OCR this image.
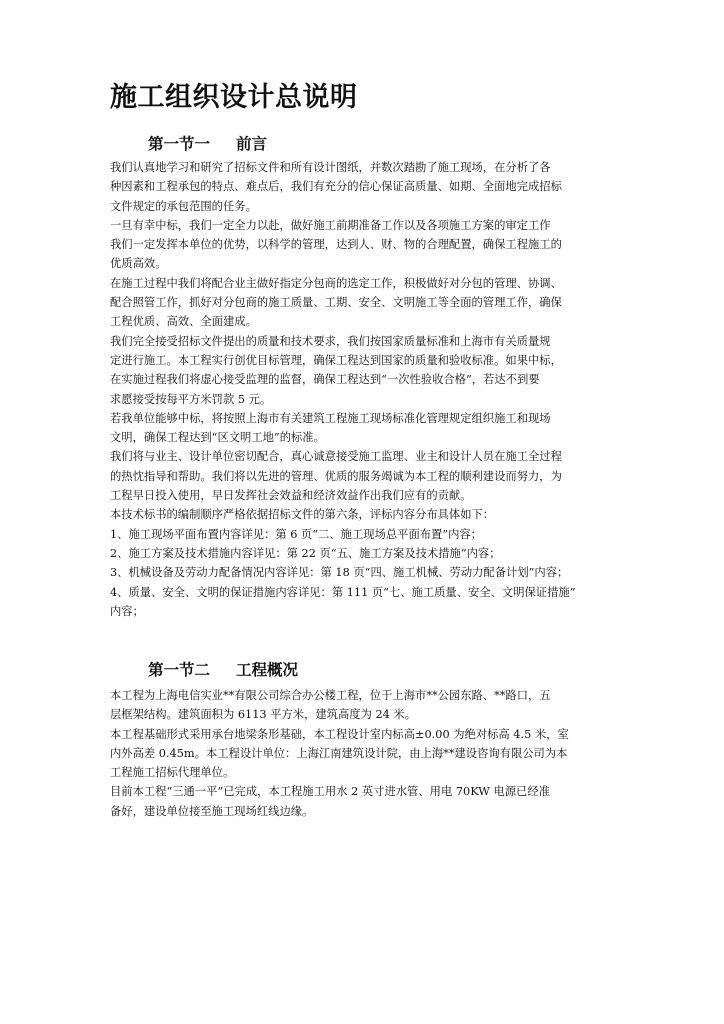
施工组织设计总说明
第一节一 前言
我们认真地学习和研究了招标文件和所有设计图纸，并数次踏勘了施工现场，在分析了各
种因素和工程承包的特点、难点后，我们有充分的信心保证高质量、如期、全面地完成招标
文件规定的承包范围的任务。
一旦有幸中标，我们一定全力以赴，做好施工前期准备工作以及各项施工方案的审定工作
我们一定发挥本单位的优势，以科学的管理，达到人、财、物的合理配置，确保工程施工的
优质高效。
在施工过程中我们将配合业主做好指定分包商的选定工作，积极做好对分包的管理、协调、
配合照管工作，抓好对分包商的施工质量、工期、安全、文明施工等全面的管理工作，确保
工程优质、高效、全面建成。
我们完全接受招标文件提出的质量和技术要求，我们按国家质量标准和上海市有关质量规
定进行施工。本工程实行创优目标管理，确保工程达到国家的质量和验收标准。如果中标，
在实施过程我们将虚心接受监理的监督，确保工程达到“一次性验收合格”，若达不到要
求愿接受按每平方米罚款 5 元。
若我单位能够中标，将按照上海市有关建筑工程施工现场标准化管理规定组织施工和现场
文明，确保工程达到“区文明工地”的标准。
我们将与业主、设计单位密切配合，真心诚意接受施工监理、业主和设计人员在施工全过程
的热忱指导和帮助。我们将以先进的管理、优质的服务竭诚为本工程的顺利建设而努力，为
工程早日投入使用，早日发挥社会效益和经济效益作出我们应有的贡献。
本技术标书的编制顺序严格依据招标文件的第六条，评标内容分布具体如下：
1、施工现场平面布置内容详见：第 6 页“二、施工现场总平面布置”内容；
2、施工方案及技术措施内容详见：第 22 页“五、施工方案及技术措施”内容；
3、机械设备及劳动力配备情况内容详见：第 18 页“四、施工机械、劳动力配备计划”内容；
4、质量、安全、文明的保证措施内容详见：第 111 页“七、施工质量、安全、文明保证措施”
内容；
第一节二 工程概况
本工程为上海电信实业**有限公司综合办公楼工程，位于上海市**公园东路、**路口，五
层框架结构。建筑面积为 6113 平方米，建筑高度为 24 米。
本工程基础形式采用承台地梁条形基础，本工程设计室内标高±0.00 为绝对标高 4.5 米，室
内外高差 0.45m。本工程设计单位：上海江南建筑设计院，由上海**建设咨询有限公司为本
工程施工招标代理单位。
目前本工程“三通一平”已完成，本工程施工用水 2 英寸进水管、用电 70KW 电源已经准
备好，建设单位接至施工现场红线边缘。
